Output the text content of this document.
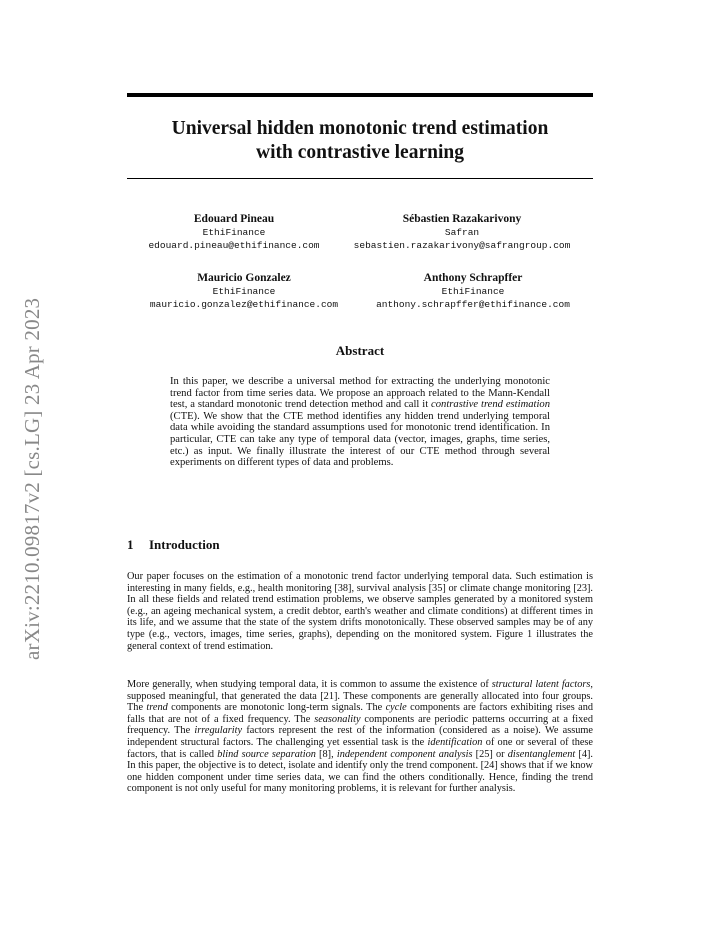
arXiv:2210.09817v2 [cs.LG] 23 Apr 2023
Universal hidden monotonic trend estimation
with contrastive learning
Edouard Pineau
EthiFinance
edouard.pineau@ethifinance.com
Sébastien Razakarivony
Safran
sebastien.razakarivony@safrangroup.com
Mauricio Gonzalez
EthiFinance
mauricio.gonzalez@ethifinance.com
Anthony Schrapffer
EthiFinance
anthony.schrapffer@ethifinance.com
Abstract
In this paper, we describe a universal method for extracting the underlying monotonic trend factor from time series data. We propose an approach related to the Mann-Kendall test, a standard monotonic trend detection method and call it contrastive trend estimation (CTE). We show that the CTE method identifies any hidden trend underlying temporal data while avoiding the standard assumptions used for monotonic trend identification. In particular, CTE can take any type of temporal data (vector, images, graphs, time series, etc.) as input. We finally illustrate the interest of our CTE method through several experiments on different types of data and problems.
1 Introduction

Our paper focuses on the estimation of a monotonic trend factor underlying temporal data. Such estimation is interesting in many fields, e.g., health monitoring [38], survival analysis [35] or climate change monitoring [23]. In all these fields and related trend estimation problems, we observe samples generated by a monitored system (e.g., an ageing mechanical system, a credit debtor, earth's weather and climate conditions) at different times in its life, and we assume that the state of the system drifts monotonically. These observed samples may be of any type (e.g., vectors, images, time series, graphs), depending on the monitored system. Figure 1 illustrates the general context of trend estimation.

More generally, when studying temporal data, it is common to assume the existence of structural latent factors, supposed meaningful, that generated the data [21]. These components are generally allocated into four groups. The trend components are monotonic long-term signals. The cycle components are factors exhibiting rises and falls that are not of a fixed frequency. The seasonality components are periodic patterns occurring at a fixed frequency. The irregularity factors represent the rest of the information (considered as a noise). We assume independent structural factors. The challenging yet essential task is the identification of one or several of these factors, that is called blind source separation [8], independent component analysis [25] or disentanglement [4]. In this paper, the objective is to detect, isolate and identify only the trend component. [24] shows that if we know one hidden component under time series data, we can find the others conditionally. Hence, finding the trend component is not only useful for many monitoring problems, it is relevant for further analysis.
